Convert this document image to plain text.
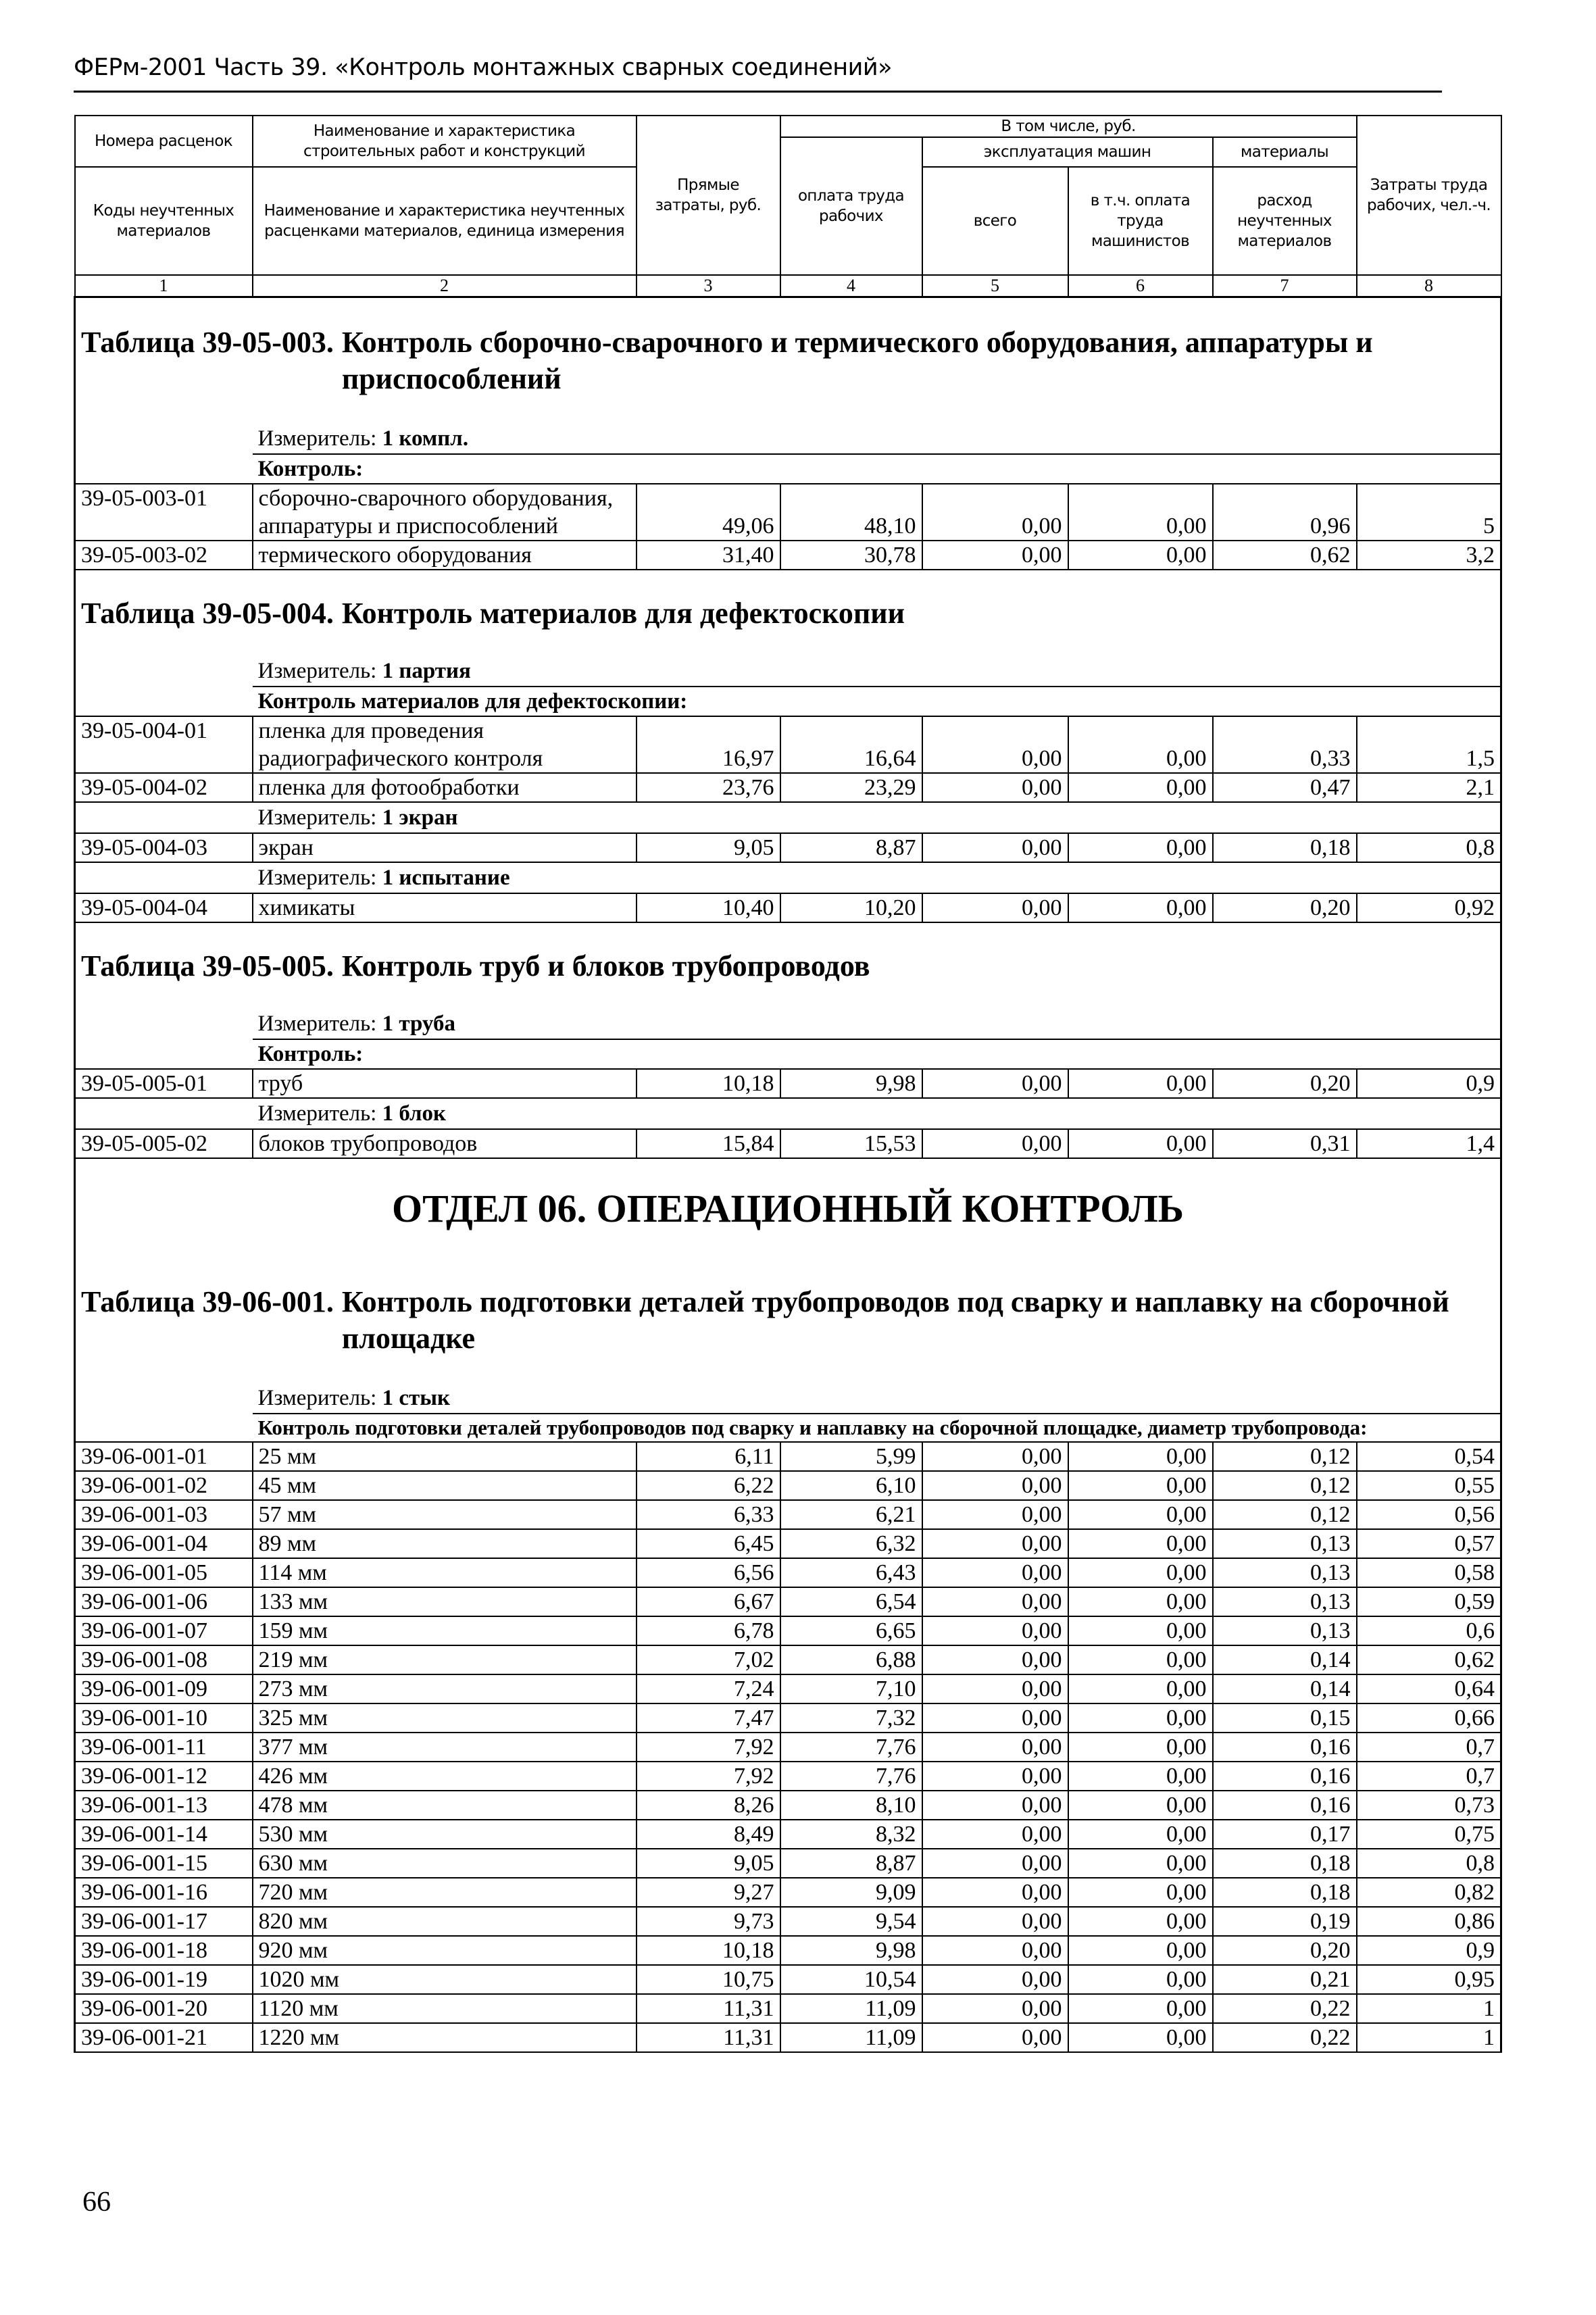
ФЕРм-2001 Часть 39. «Контроль монтажных сварных соединений»
Номера расценок	Наименование и характеристика строительных работ и конструкций	Прямые затраты, руб.	В том числе, руб.				Затраты труда рабочих, чел.-ч.
			оплата труда рабочих	эксплуатация машин		материалы	
Коды неучтенных материалов	Наименование и характеристика неучтенных расценками материалов, единица измерения			всего	в т.ч. оплата труда машинистов	расход неучтенных материалов	
1	2	3	4	5	6	7	8

Таблица 39-05-003. Контроль сборочно-сварочного и термического оборудования, аппаратуры и приспособлений							

	Измеритель: 1 компл.						
	Контроль:						
39-05-003-01	сборочно-сварочного оборудования, аппаратуры и приспособлений	49,06	48,10	0,00	0,00	0,96	5
39-05-003-02	термического оборудования	31,40	30,78	0,00	0,00	0,62	3,2

Таблица 39-05-004. Контроль материалов для дефектоскопии							

	Измеритель: 1 партия						
	Контроль материалов для дефектоскопии:						
39-05-004-01	пленка для проведения радиографического контроля	16,97	16,64	0,00	0,00	0,33	1,5
39-05-004-02	пленка для фотообработки	23,76	23,29	0,00	0,00	0,47	2,1
	Измеритель: 1 экран						
39-05-004-03	экран	9,05	8,87	0,00	0,00	0,18	0,8
	Измеритель: 1 испытание						
39-05-004-04	химикаты	10,40	10,20	0,00	0,00	0,20	0,92

Таблица 39-05-005. Контроль труб и блоков трубопроводов							

	Измеритель: 1 труба						
	Контроль:						
39-05-005-01	труб	10,18	9,98	0,00	0,00	0,20	0,9
	Измеритель: 1 блок						
39-05-005-02	блоков трубопроводов	15,84	15,53	0,00	0,00	0,31	1,4
ОТДЕЛ 06. ОПЕРАЦИОННЫЙ КОНТРОЛЬ							

Таблица 39-06-001. Контроль подготовки деталей трубопроводов под сварку и наплавку на сборочной площадке							

	Измеритель: 1 стык						
	Контроль подготовки деталей трубопроводов под сварку и наплавку на сборочной площадке, диаметр трубопровода:						
39-06-001-01	25 мм	6,11	5,99	0,00	0,00	0,12	0,54
39-06-001-02	45 мм	6,22	6,10	0,00	0,00	0,12	0,55
39-06-001-03	57 мм	6,33	6,21	0,00	0,00	0,12	0,56
39-06-001-04	89 мм	6,45	6,32	0,00	0,00	0,13	0,57
39-06-001-05	114 мм	6,56	6,43	0,00	0,00	0,13	0,58
39-06-001-06	133 мм	6,67	6,54	0,00	0,00	0,13	0,59
39-06-001-07	159 мм	6,78	6,65	0,00	0,00	0,13	0,6
39-06-001-08	219 мм	7,02	6,88	0,00	0,00	0,14	0,62
39-06-001-09	273 мм	7,24	7,10	0,00	0,00	0,14	0,64
39-06-001-10	325 мм	7,47	7,32	0,00	0,00	0,15	0,66
39-06-001-11	377 мм	7,92	7,76	0,00	0,00	0,16	0,7
39-06-001-12	426 мм	7,92	7,76	0,00	0,00	0,16	0,7
39-06-001-13	478 мм	8,26	8,10	0,00	0,00	0,16	0,73
39-06-001-14	530 мм	8,49	8,32	0,00	0,00	0,17	0,75
39-06-001-15	630 мм	9,05	8,87	0,00	0,00	0,18	0,8
39-06-001-16	720 мм	9,27	9,09	0,00	0,00	0,18	0,82
39-06-001-17	820 мм	9,73	9,54	0,00	0,00	0,19	0,86
39-06-001-18	920 мм	10,18	9,98	0,00	0,00	0,20	0,9
39-06-001-19	1020 мм	10,75	10,54	0,00	0,00	0,21	0,95
39-06-001-20	1120 мм	11,31	11,09	0,00	0,00	0,22	1
39-06-001-21	1220 мм	11,31	11,09	0,00	0,00	0,22	1
66
